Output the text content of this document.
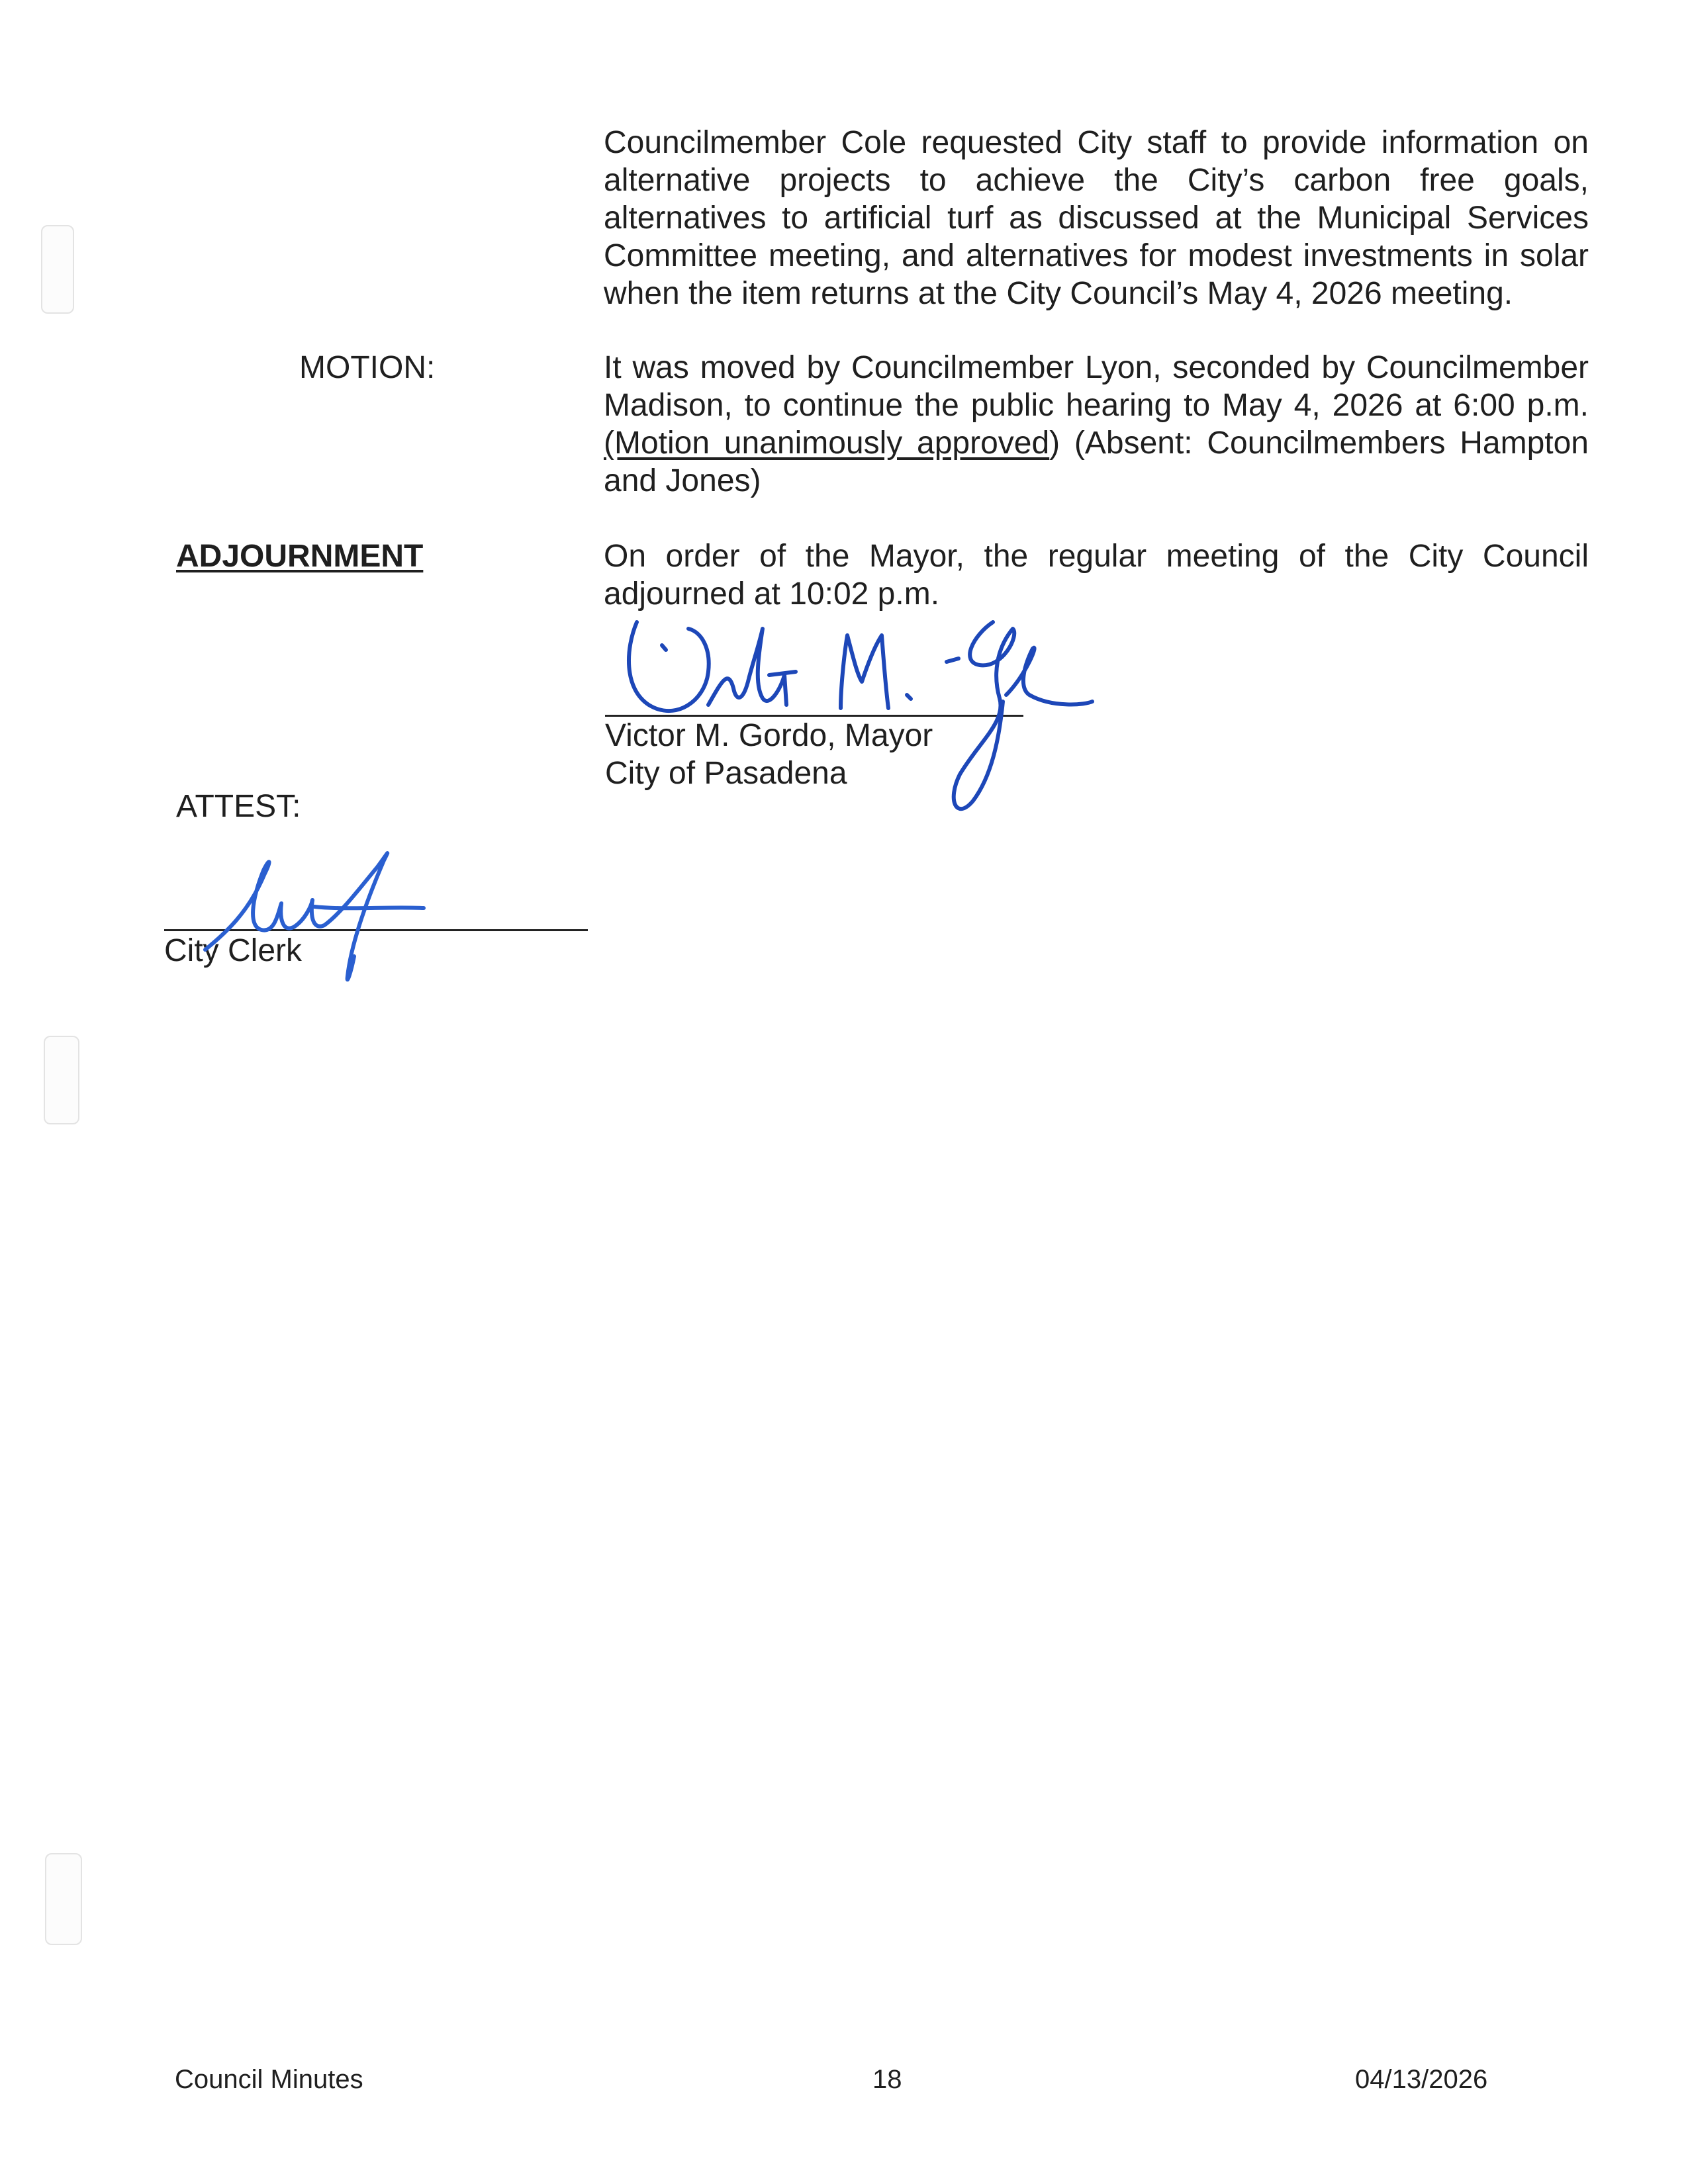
Councilmember Cole requested City staff to provide information on alternative projects to achieve the City’s carbon free goals, alternatives to artificial turf as discussed at the Municipal Services Committee meeting, and alternatives for modest investments in solar when the item returns at the City Council’s May 4, 2026 meeting.

MOTION:	It was moved by Councilmember Lyon, seconded by Councilmember Madison, to continue the public hearing to May 4, 2026 at 6:00 p.m. (Motion unanimously approved) (Absent: Councilmembers Hampton and Jones)

ADJOURNMENT	On order of the Mayor, the regular meeting of the City Council adjourned at 10:02 p.m.

Victor M. Gordo, Mayor

City of Pasadena

ATTEST:

City Clerk

Council Minutes	18	04/13/2026
